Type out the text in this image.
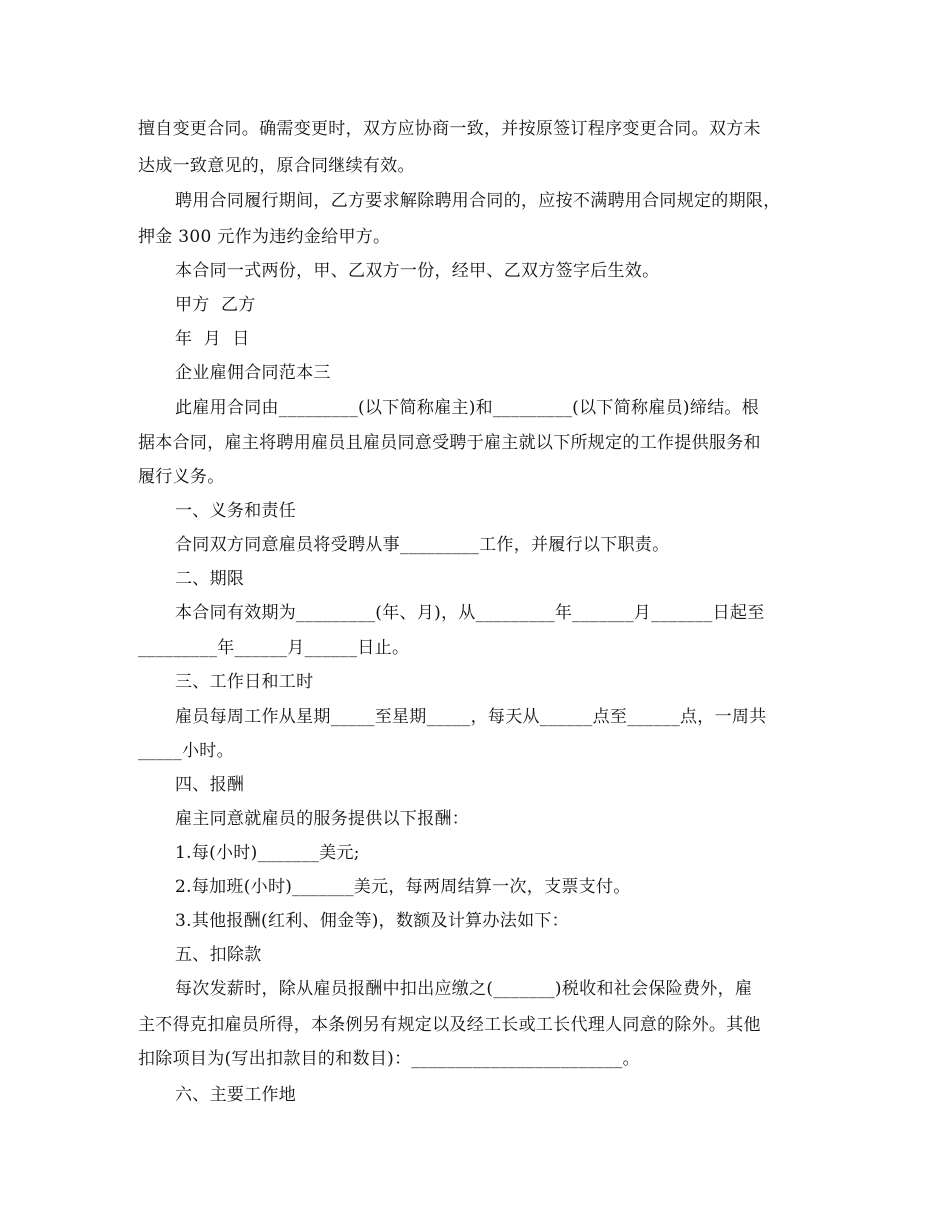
擅自变更合同。确需变更时，双方应协商一致，并按原签订程序变更合同。双方未
达成一致意见的，原合同继续有效。
聘用合同履行期间，乙方要求解除聘用合同的，应按不满聘用合同规定的期限，
押金 300 元作为违约金给甲方。
本合同一式两份，甲、乙双方一份，经甲、乙双方签字后生效。
甲方  乙方
年  月  日
企业雇佣合同范本三
此雇用合同由_________(以下简称雇主)和_________(以下简称雇员)缔结。根
据本合同，雇主将聘用雇员且雇员同意受聘于雇主就以下所规定的工作提供服务和
履行义务。
一、义务和责任
合同双方同意雇员将受聘从事_________工作，并履行以下职责。
二、期限
本合同有效期为_________(年、月)，从_________年_______月_______日起至
_________年______月______日止。
三、工作日和工时
雇员每周工作从星期_____至星期_____，每天从______点至______点，一周共
_____小时。
四、报酬
雇主同意就雇员的服务提供以下报酬：
1.每(小时)_______美元;
2.每加班(小时)_______美元，每两周结算一次，支票支付。
3.其他报酬(红利、佣金等)，数额及计算办法如下：
五、扣除款
每次发薪时，除从雇员报酬中扣出应缴之(_______)税收和社会保险费外，雇
主不得克扣雇员所得，本条例另有规定以及经工长或工长代理人同意的除外。其他
扣除项目为(写出扣款目的和数目)：________________________。
六、主要工作地
